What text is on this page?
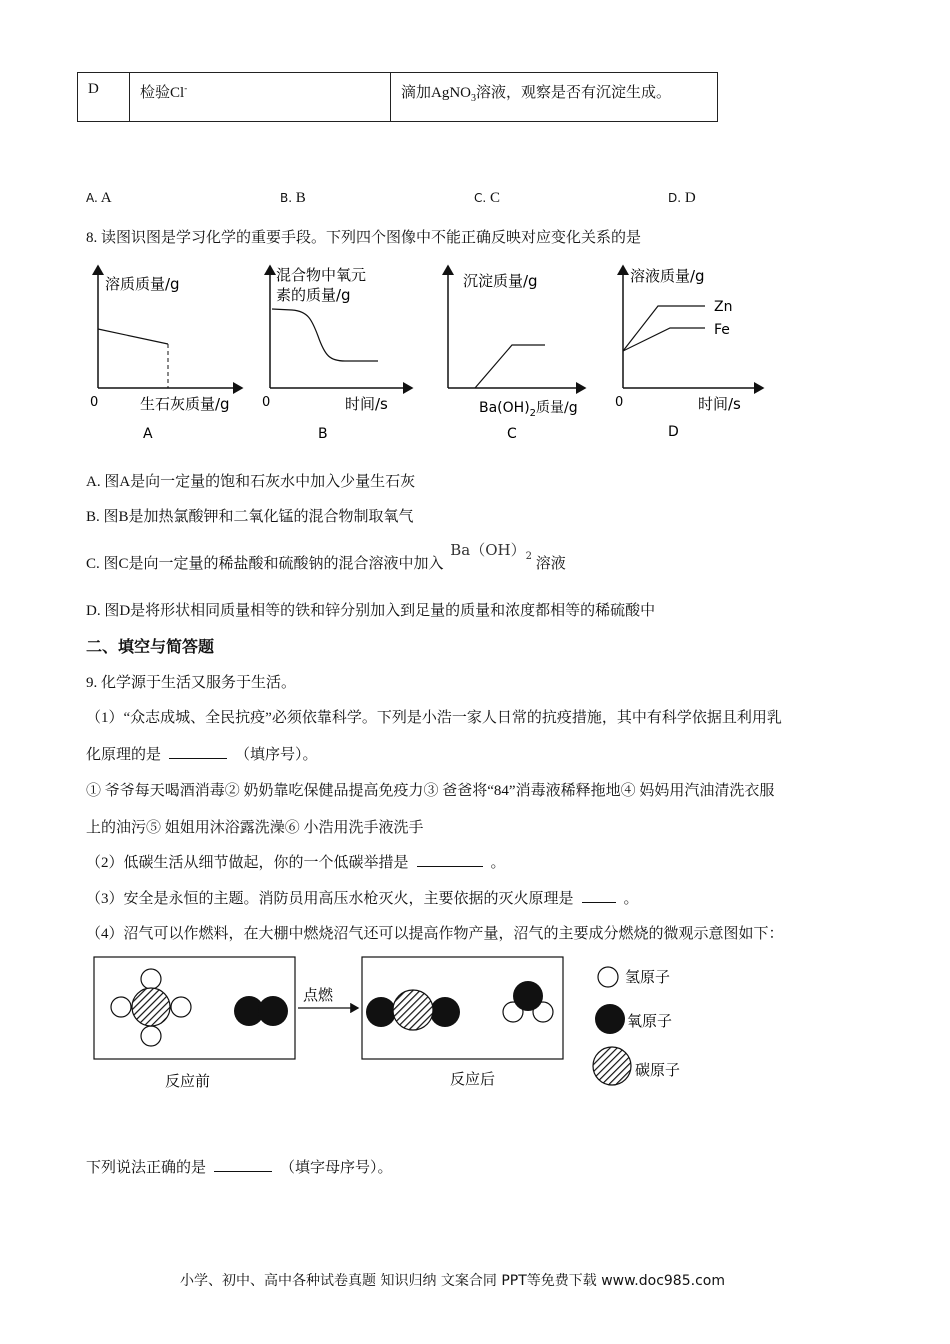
D	检验Cl-	滴加AgNO$_3$溶液，观察是否有沉淀生成。
A. A	B. B	C. C	D. D
8. 读图识图是学习化学的重要手段。下列四个图像中不能正确反映对应变化关系的是
溶质质量/g
生石灰质量/g
0
A
混合物中氧元
素的质量/g
时间/s
0
B
沉淀质量/g
$Ba(OH)_2$质量/g
C
溶液质量/g
时间/s
0
Zn
Fe
D
A. 图A是向一定量的饱和石灰水中加入少量生石灰
B. 图B是加热氯酸钾和二氧化锰的混合物制取氧气
C. 图C是向一定量的稀盐酸和硫酸钠的混合溶液中加入 $Ba(OH)_2$ 溶液
D. 图D是将形状相同质量相等的铁和锌分别加入到足量的质量和浓度都相等的稀硫酸中
二、填空与简答题
9. 化学源于生活又服务于生活。
（1）“众志成城、全民抗疫”必须依靠科学。下列是小浩一家人日常的抗疫措施，其中有科学依据且利用乳
化原理的是	（填序号）。
① 爷爷每天喝酒消毒② 奶奶靠吃保健品提高免疫力③ 爸爸将“84”消毒液稀释拖地④ 妈妈用汽油清洗衣服
上的油污⑤ 姐姐用沐浴露洗澡⑥ 小浩用洗手液洗手
（2）低碳生活从细节做起，你的一个低碳举措是	。
（3）安全是永恒的主题。消防员用高压水枪灭火，主要依据的灭火原理是	。
（4）沼气可以作燃料，在大棚中燃烧沼气还可以提高作物产量，沼气的主要成分燃烧的微观示意图如下：
点燃
反应前	反应后
氢原子
氧原子
碳原子
下列说法正确的是	（填字母序号）。
小学、初中、高中各种试卷真题 知识归纳 文案合同 PPT等免费下载 www.doc985.com
